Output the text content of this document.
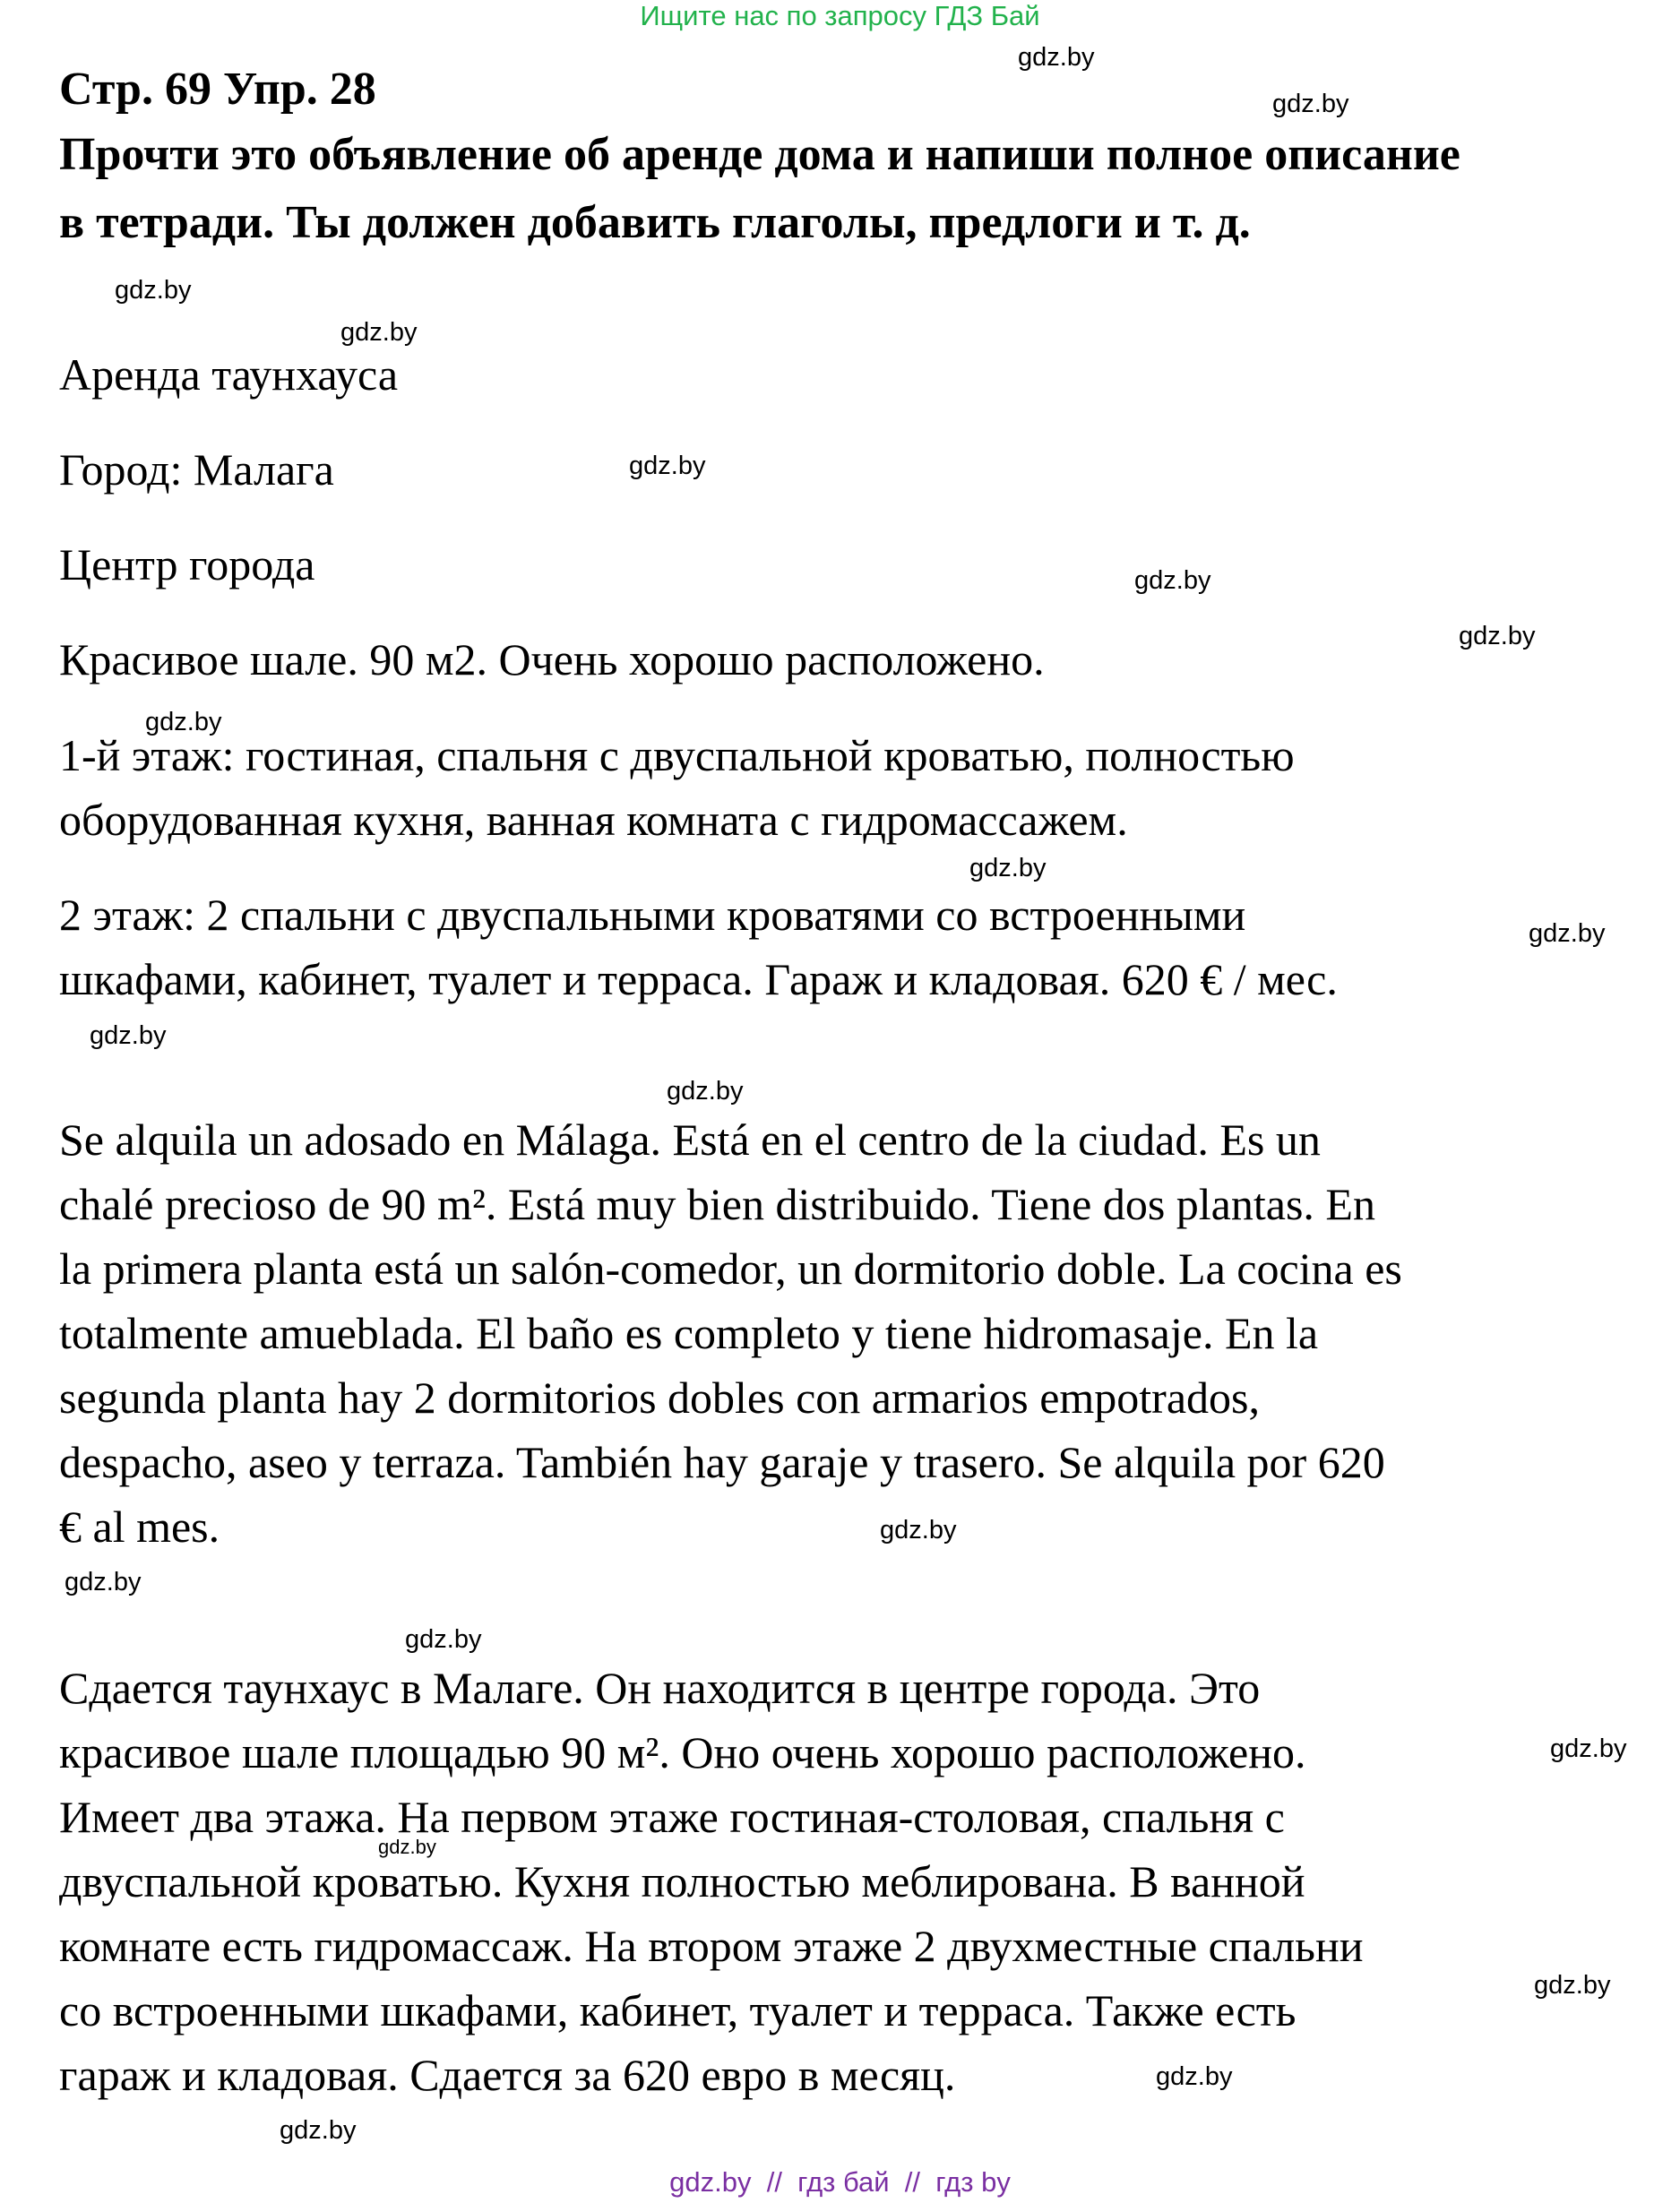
Ищите нас по запросу ГДЗ Бай
Стр. 69 Упр. 28
Прочти это объявление об аренде дома и напиши полное описание
в тетради. Ты должен добавить глаголы, предлоги и т. д.
Аренда таунхауса
Город: Малага
Центр города
Красивое шале. 90 м2. Очень хорошо расположено.
1-й этаж: гостиная, спальня с двуспальной кроватью, полностью
оборудованная кухня, ванная комната с гидромассажем.
2 этаж: 2 спальни с двуспальными кроватями со встроенными
шкафами, кабинет, туалет и терраса. Гараж и кладовая. 620 € / мес.
Se alquila un adosado en Málaga. Está en el centro de la ciudad. Es un
chalé precioso de 90 m². Está muy bien distribuido. Tiene dos plantas. En
la primera planta está un salón-comedor, un dormitorio doble. La cocina es
totalmente amueblada. El baño es completo y tiene hidromasaje. En la
segunda planta hay 2 dormitorios dobles con armarios empotrados,
despacho, aseo y terraza. También hay garaje y trasero. Se alquila por 620
€ al mes.
Сдается таунхаус в Малаге. Он находится в центре города. Это
красивое шале площадью 90 м². Оно очень хорошо расположено.
Имеет два этажа. На первом этаже гостиная-столовая, спальня с
двуспальной кроватью. Кухня полностью меблирована. В ванной
комнате есть гидромассаж. На втором этаже 2 двухместные спальни
со встроенными шкафами, кабинет, туалет и терраса. Также есть
гараж и кладовая. Сдается за 620 евро в месяц.
gdz.by
gdz.by
gdz.by
gdz.by
gdz.by
gdz.by
gdz.by
gdz.by
gdz.by
gdz.by
gdz.by
gdz.by
gdz.by
gdz.by
gdz.by
gdz.by
gdz.by
gdz.by
gdz.by
gdz.by
gdz.by  //  гдз бай  //  гдз by
